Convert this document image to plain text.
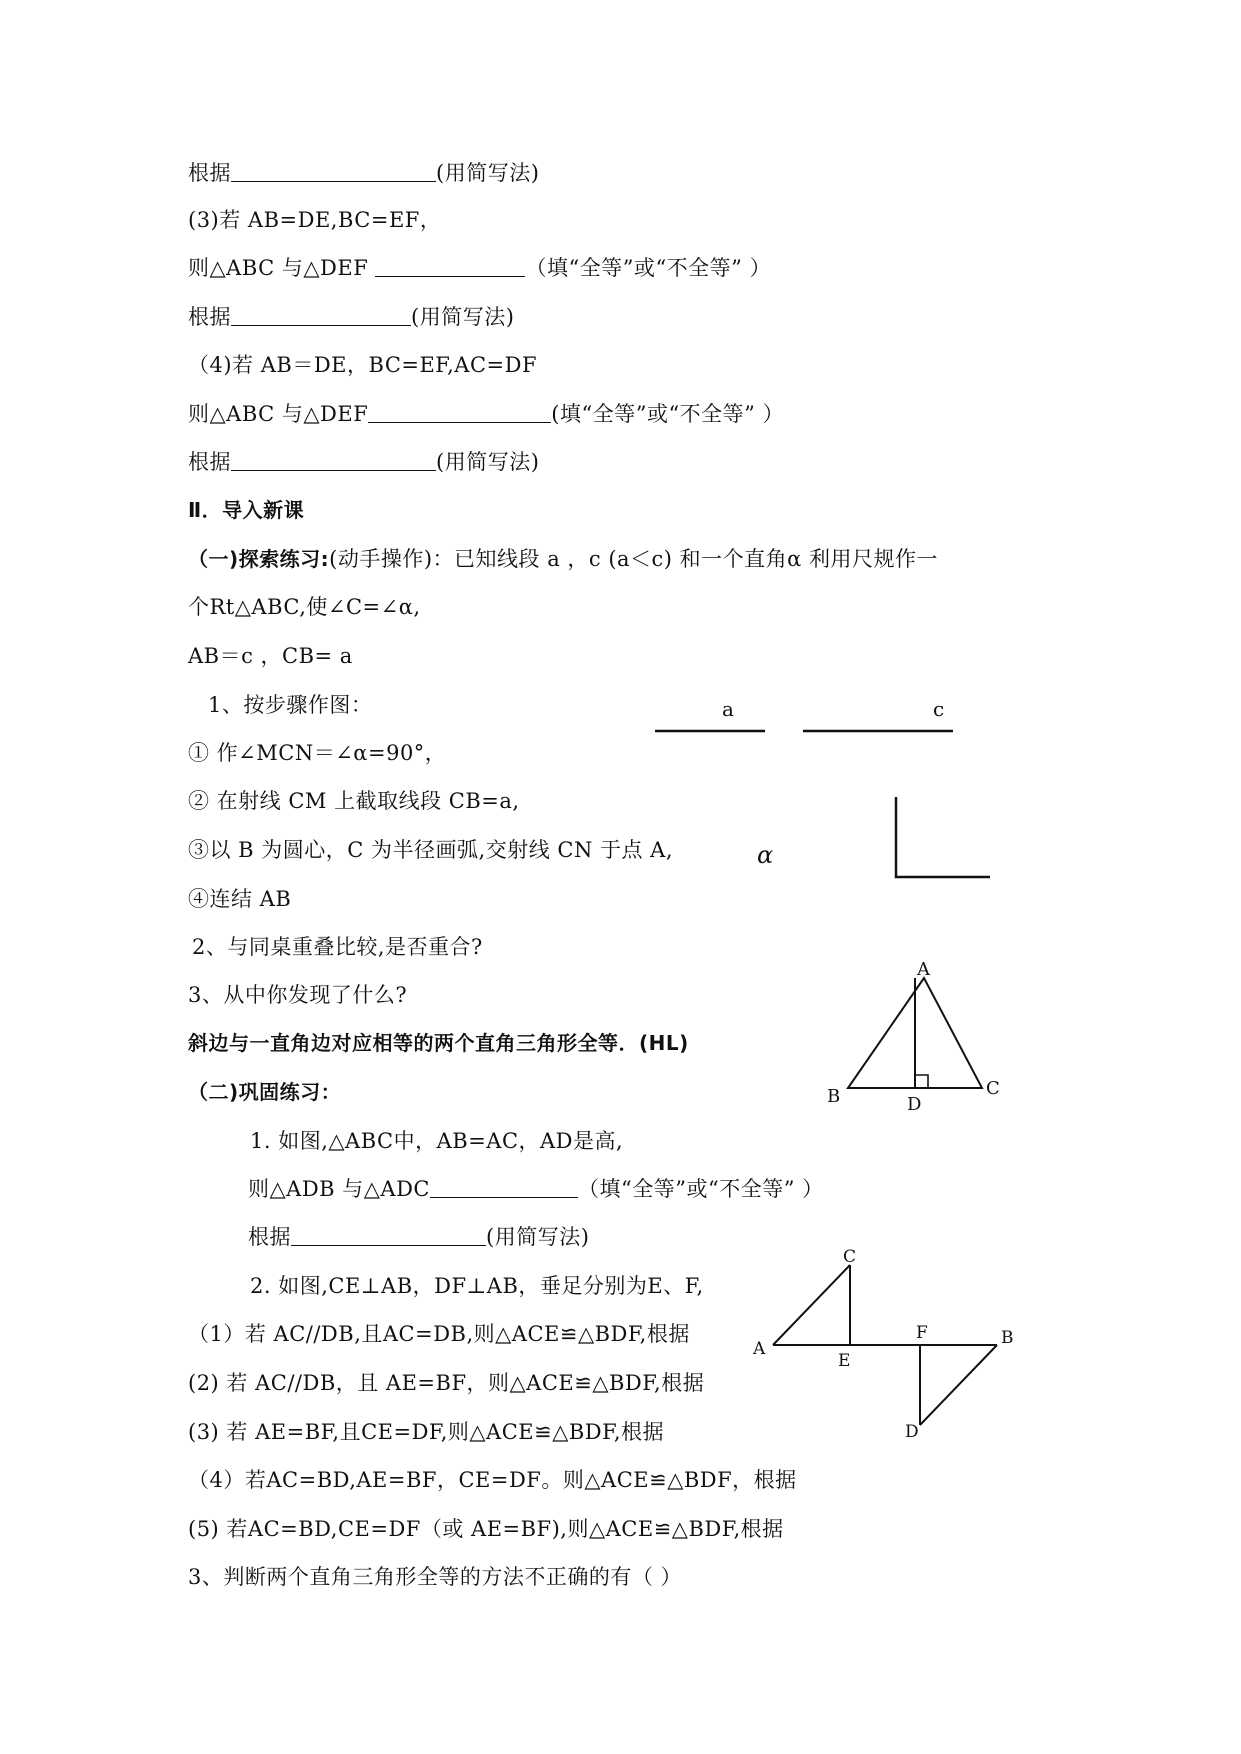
根据	(用简写法)
(3)若 AB=DE,BC=EF，
则△ABC 与△DEF	（填“全等”或“不全等” ）
根据	(用简写法)
（4)若 AB＝DE，BC=EF,AC=DF
则△ABC 与△DEF	(填“全等”或“不全等” ）
根据	(用简写法)
Ⅱ．导入新课
（一)探索练习:(动手操作)：已知线段 a ，c (a＜c) 和一个直角α 利用尺规作一
个Rt△ABC,使∠C=∠α,
AB＝c ，CB= a
1、按步骤作图：
① 作∠MCN＝∠α=90°，
② 在射线 CM 上截取线段 CB=a,
③以 B 为圆心，C 为半径画弧,交射线 CN 于点 A,
④连结 AB
2、与同桌重叠比较,是否重合?
3、从中你发现了什么?
斜边与一直角边对应相等的两个直角三角形全等．(HL)
（二)巩固练习：
1. 如图,△ABC中，AB=AC，AD是高,
则△ADB 与△ADC	（填“全等”或“不全等” ）
根据	(用简写法)
2. 如图,CE⊥AB，DF⊥AB，垂足分别为E、F,
（1）若 AC//DB,且AC=DB,则△ACE≌△BDF,根据
(2) 若 AC//DB，且 AE=BF，则△ACE≌△BDF,根据
(3) 若 AE=BF,且CE=DF,则△ACE≌△BDF,根据
（4）若AC=BD,AE=BF，CE=DF。则△ACE≌△BDF，根据
(5) 若AC=BD,CE=DF（或 AE=BF),则△ACE≌△BDF,根据
3、判断两个直角三角形全等的方法不正确的有（ ）
a	c
α
A
B	C
D
A
B
C
D
E
F
